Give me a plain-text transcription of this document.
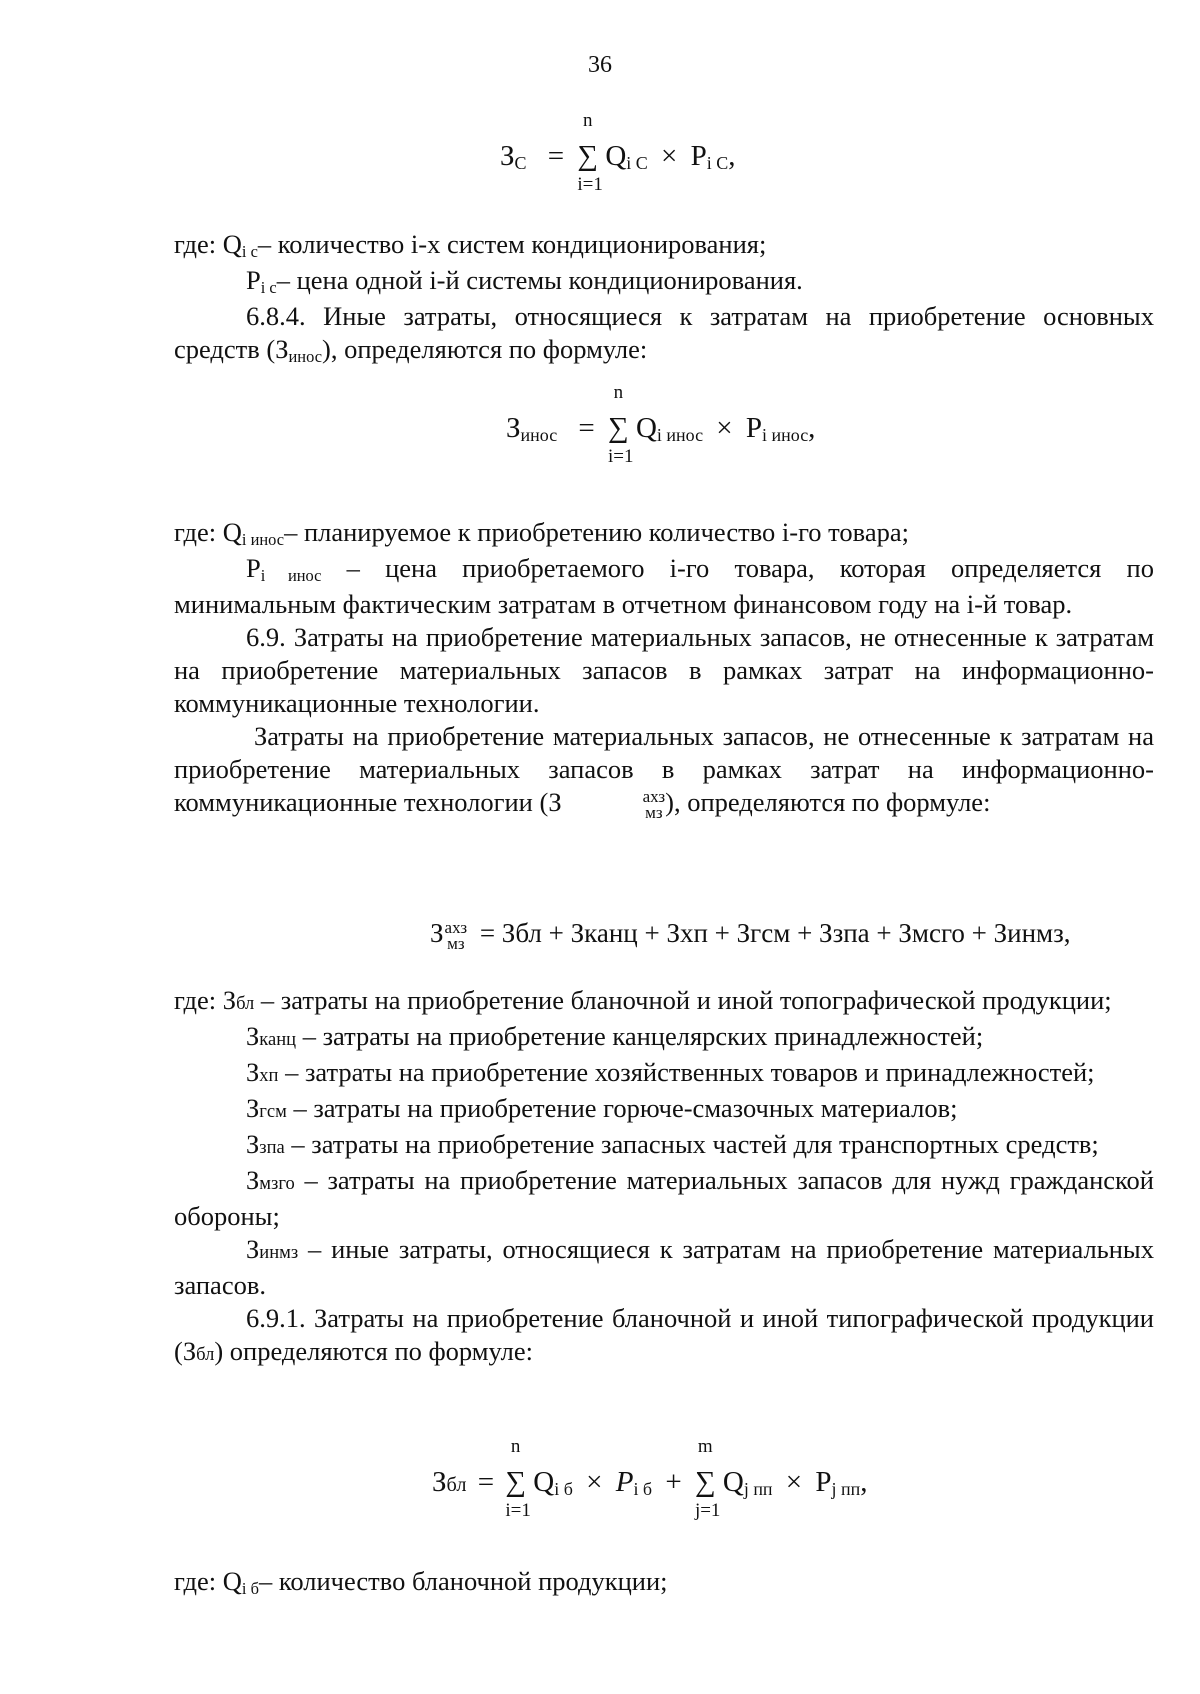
36
$З_С$ =
n
∑
i=1
$Q_{i С} \times P_{i С}$,

где: $Q_{i с}-$ количество i-х систем кондиционирования;

$P_{i с}-$ цена одной i-й системы кондиционирования.

6.8.4. Иные затраты, относящиеся к затратам на приобретение основных средств $(З_{инос})$, определяются по формуле:

$З_{инос}$ =
n
∑
i=1
$Q_{i инос} \times P_{i инос}$,

где: $Q_{i инос}-$ планируемое к приобретению количество i-го товара;

$P_{i инос}$ – цена приобретаемого i-го товара, которая определяется по минимальным фактическим затратам в отчетном финансовом году на i-й товар.

6.9. Затраты на приобретение материальных запасов, не отнесенные к затратам на приобретение материальных запасов в рамках затрат на информационно-коммуникационные технологии.

Затраты на приобретение материальных запасов, не отнесенные к затратам на приобретение материальных запасов в рамках затрат на информационно-коммуникационные технологии (З	ахз
мз ), определяются по формуле:

З ахз
мз = Збл + Зканц + Зхп + Згсм + Ззпа + Змсго + Зинмз,

где: Збл – затраты на приобретение бланочной и иной топографической продукции;

Зканц – затраты на приобретение канцелярских принадлежностей;

Зхп – затраты на приобретение хозяйственных товаров и принадлежностей;

Згсм – затраты на приобретение горюче-смазочных материалов;

Ззпа – затраты на приобретение запасных частей для транспортных средств;

Змзго – затраты на приобретение материальных запасов для нужд гражданской обороны;

Зинмз – иные затраты, относящиеся к затратам на приобретение материальных запасов.

6.9.1. Затраты на приобретение бланочной и иной типографической продукции (Збл) определяются по формуле:

Збл =
n
∑
i=1
$Q_{i б} \times P_{i б}$ +
m
∑
j=1
$Q_{j пп} \times P_{j пп}$,

где: $Q_{i б}-$ количество бланочной продукции;
